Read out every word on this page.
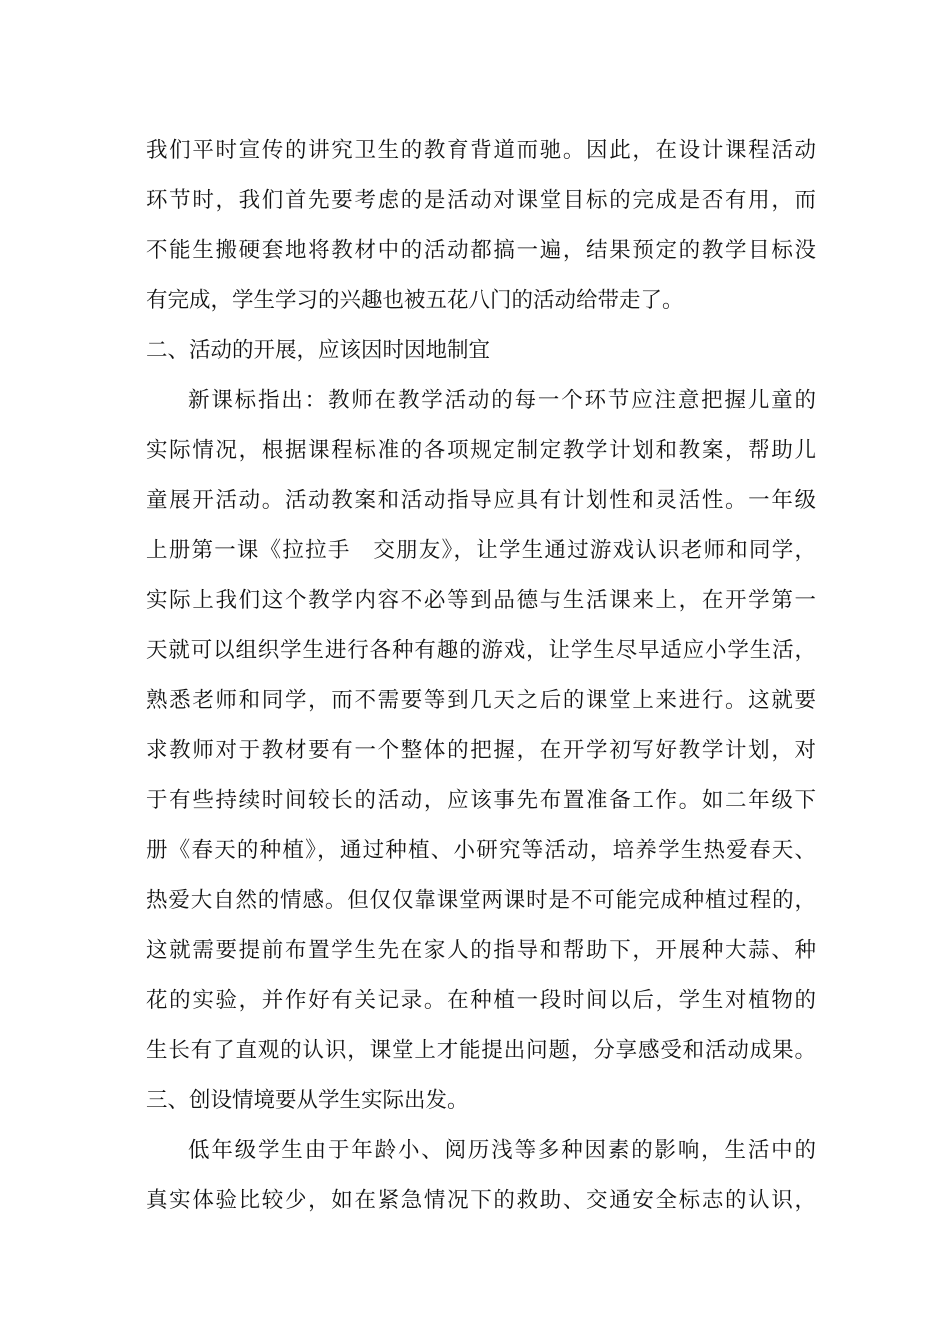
我们平时宣传的讲究卫生的教育背道而驰。因此，在设计课程活动
环节时，我们首先要考虑的是活动对课堂目标的完成是否有用，而
不能生搬硬套地将教材中的活动都搞一遍，结果预定的教学目标没
有完成，学生学习的兴趣也被五花八门的活动给带走了。
二、活动的开展，应该因时因地制宜
新课标指出：教师在教学活动的每一个环节应注意把握儿童的
实际情况，根据课程标准的各项规定制定教学计划和教案，帮助儿
童展开活动。活动教案和活动指导应具有计划性和灵活性。一年级
上册第一课《拉拉手　交朋友》，让学生通过游戏认识老师和同学，
实际上我们这个教学内容不必等到品德与生活课来上，在开学第一
天就可以组织学生进行各种有趣的游戏，让学生尽早适应小学生活，
熟悉老师和同学，而不需要等到几天之后的课堂上来进行。这就要
求教师对于教材要有一个整体的把握，在开学初写好教学计划，对
于有些持续时间较长的活动，应该事先布置准备工作。如二年级下
册《春天的种植》，通过种植、小研究等活动，培养学生热爱春天、
热爱大自然的情感。但仅仅靠课堂两课时是不可能完成种植过程的，
这就需要提前布置学生先在家人的指导和帮助下，开展种大蒜、种
花的实验，并作好有关记录。在种植一段时间以后，学生对植物的
生长有了直观的认识，课堂上才能提出问题，分享感受和活动成果。
三、创设情境要从学生实际出发。
低年级学生由于年龄小、阅历浅等多种因素的影响，生活中的
真实体验比较少，如在紧急情况下的救助、交通安全标志的认识，
